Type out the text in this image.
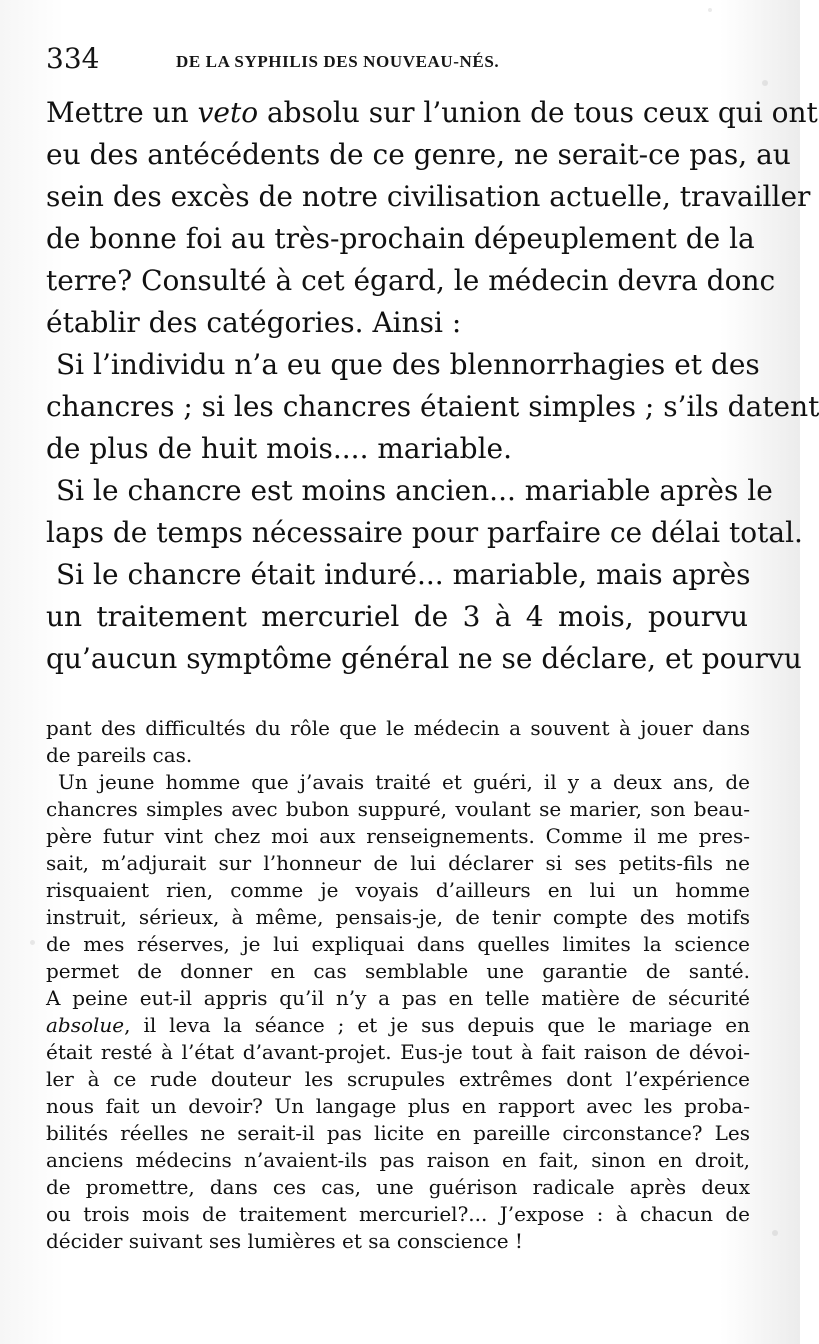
334	DE LA SYPHILIS DES NOUVEAU-NÉS.
Mettre un veto absolu sur l’union de tous ceux qui ont
eu des antécédents de ce genre, ne serait-ce pas, au
sein des excès de notre civilisation actuelle, travailler
de bonne foi au très-prochain dépeuplement de la
terre? Consulté à cet égard, le médecin devra donc
établir des catégories. Ainsi :
Si l’individu n’a eu que des blennorrhagies et des
chancres ; si les chancres étaient simples ; s’ils datent
de plus de huit mois.... mariable.
Si le chancre est moins ancien... mariable après le
laps de temps nécessaire pour parfaire ce délai total.
Si le chancre était induré... mariable, mais après
un traitement mercuriel de 3 à 4 mois, pourvu
qu’aucun symptôme général ne se déclare, et pourvu
pant des difficultés du rôle que le médecin a souvent à jouer dans
de pareils cas.
Un jeune homme que j’avais traité et guéri, il y a deux ans, de
chancres simples avec bubon suppuré, voulant se marier, son beau-
père futur vint chez moi aux renseignements. Comme il me pres-
sait, m’adjurait sur l’honneur de lui déclarer si ses petits-fils ne
risquaient rien, comme je voyais d’ailleurs en lui un homme
instruit, sérieux, à même, pensais-je, de tenir compte des motifs
de mes réserves, je lui expliquai dans quelles limites la science
permet de donner en cas semblable une garantie de santé.
A peine eut-il appris qu’il n’y a pas en telle matière de sécurité
absolue, il leva la séance ; et je sus depuis que le mariage en
était resté à l’état d’avant-projet. Eus-je tout à fait raison de dévoi-
ler à ce rude douteur les scrupules extrêmes dont l’expérience
nous fait un devoir? Un langage plus en rapport avec les proba-
bilités réelles ne serait-il pas licite en pareille circonstance? Les
anciens médecins n’avaient-ils pas raison en fait, sinon en droit,
de promettre, dans ces cas, une guérison radicale après deux
ou trois mois de traitement mercuriel?... J’expose : à chacun de
décider suivant ses lumières et sa conscience !
